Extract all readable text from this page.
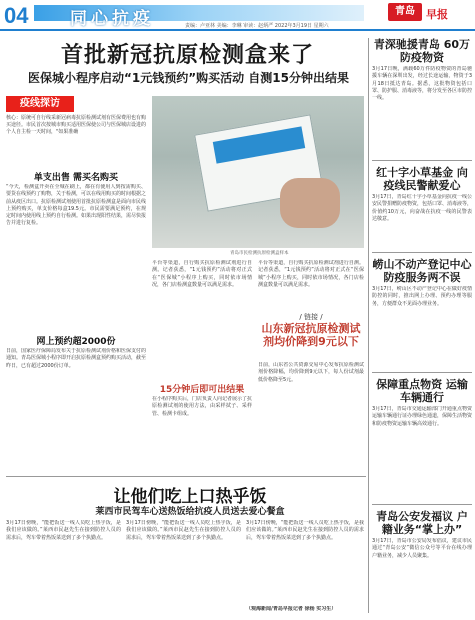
04 同心抗疫	青岛	早报
责编：卢亚林 美编：李琳 审读：赵炳严 2022年3月19日 星期六
首批新冠抗原检测盒来了
医保城小程序启动“1元钱预约”购买活动 自测15分钟出结果
疫线探访
核心：原统可自行线采新冠病毒抗原检测试剂有医保费用也有购买途径。市民首次按城市购买适用医保使公司与医保城店设进的个人自主检一天时间，"如果准确
单支出售 需买名购买
“今天，检测盒开卖在全城在刷上，都在有使用人到按需购买、要货在线预约了购物，关于检测，可以在线用购买的时间根据之前从疫区出口。抗原检测试剂使用首批抗原检测盒是面向市民线上预约购买，单支价格每盒19.5元。市民需要满足预约，在规定时间内使用线上预约自行检测。如果出现阳性结果，需尽快报告并进行复检。
网上预约超2000份
日前，国家医疗保障局发布关于抗原检测试剂价格和医保支付的通知。青岛医保城小程序即开启抗原检测盒预约购买活动，截至昨日，已有超过2000份订单。
青岛市民检测抗原检测盒样本
平台等渠道，自行购买抗原检测试剂进行自测。记者获悉，“1元钱预约”活动将对正式在“医保城”小程序上购买，同时依市场情况，各门店检测盒数量可以满足需求。
15分钟后即可出结果
在小程序购买后，门店负责人向记者展示了抗原检测试剂的使用方法，由采样拭子、采样管、检测卡组成。
平台等渠道，自行购买抗原检测试剂进行自测。记者获悉，“1元钱预约”活动将对正式在“医保城”小程序上购买，同时依市场情况，各门店检测盒数量可以满足需求。
/ 链接 /
山东新冠抗原检测试剂均价降到9元以下
日前，山东省公共资源交易中心发布抗原检测试剂价格降幅，均价降到9元以下，每人份试剂最低价格降至5元。
让他们吃上口热乎饭
莱西市民驾车心送热饭给抗疫人员送去爱心餐盒
3月17日傍晚，“能把饭送一线人员吃上热乎饭，是我们应该做的。”莱西市民赵先生在接到防控人员的需求后，驾车带着热饭菜送到了多个执勤点。
3月17日傍晚，“能把饭送一线人员吃上热乎饭，是我们应该做的。”莱西市民赵先生在接到防控人员的需求后，驾车带着热饭菜送到了多个执勤点。
3月17日傍晚，“能把饭送一线人员吃上热乎饭，是我们应该做的。”莱西市民赵先生在接到防控人员的需求后，驾车带着热饭菜送到了多个执勤点。
（观海新闻/青岛早报记者 徐杨 实习生）
青深驰援青岛 60万防疫物资
3月17日晚，满载60万件防疫物资的青岛驰援车辆在深圳出发，经过长途运输，物资于3月18日抵达青岛。据悉，这批物资包括口罩、防护服、消毒液等，将分发至各区市防控一线。
红十字小草基金 向疫线民警献爱心
3月17日，青岛红十字小草基金向抗疫一线公安民警捐赠防疫物资，包括口罩、消毒液等，价值约10万元，向奋战在抗疫一线的民警表达敬意。
崂山不动产登记中心 防疫服务两不误
3月17日，崂山区不动产登记中心在做好疫情防控的同时，推出网上办理、预约办理等服务，方便群众不见面办理业务。
保障重点物资 运输车辆通行
3月17日，青岛市交通运输部门开通重点物资运输车辆通行证办理绿色通道，保障生活物资和防疫物资运输车辆高效通行。
青岛公安发福议 户籍业务“掌上办”
3月17日，青岛市公安局发布倡议，建议市民通过“青岛公安”微信公众号等平台在线办理户籍业务，减少人员聚集。
